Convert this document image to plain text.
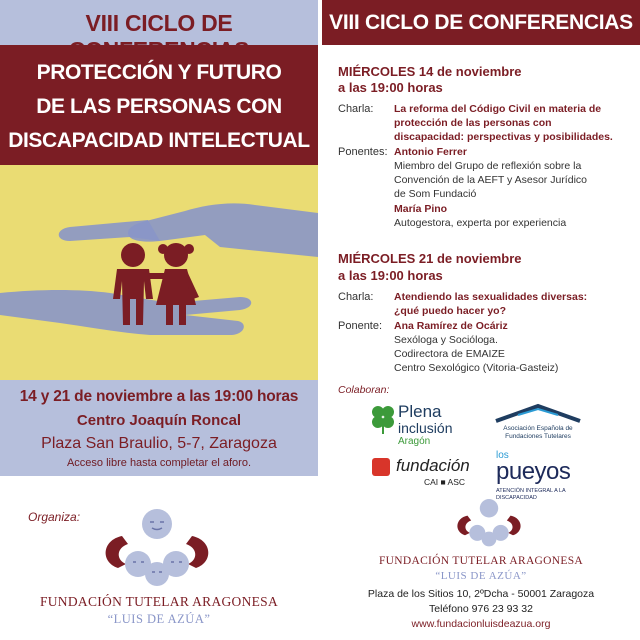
VIII CICLO DE
PROTECCIÓN Y FUTURO
DE LAS PERSONAS CON
DISCAPACIDAD INTELECTUAL
14 y 21 de noviembre a las 19:00 horas
Centro Joaquín Roncal
Plaza San Braulio, 5-7, Zaragoza
Acceso libre hasta completar el aforo.
Organiza:
FUNDACIÓN TUTELAR ARAGONESA
“LUIS DE AZÚA”
VIII CICLO DE CONFERENCIAS
MIÉRCOLES 14 de noviembre
a las 19:00 horas
Charla: La reforma del Código Civil en materia de
protección de las personas con
discapacidad: perspectivas y posibilidades.
Ponentes: Antonio Ferrer
Miembro del Grupo de reflexión sobre la
Convención de la AEFT y Asesor Jurídico
de Som Fundació
María Pino
Autogestora, experta por experiencia
MIÉRCOLES 21 de noviembre
a las 19:00 horas
Charla: Atendiendo las sexualidades diversas:
¿qué puedo hacer yo?
Ponente: Ana Ramírez de Ocáriz
Sexóloga y Socióloga.
Codirectora de EMAIZE
Centro Sexológico (Vitoria-Gasteiz)
Colaboran:
Plena
inclusión
Aragón
Asociación Española de Fundaciones Tutelares
fundación
CAI ■ ASC
los
pueyos
ATENCIÓN INTEGRAL A LA DISCAPACIDAD
FUNDACIÓN TUTELAR ARAGONESA
“LUIS DE AZÚA”
Plaza de los Sitios 10, 2ºDcha - 50001 Zaragoza
Teléfono 976 23 93 32
www.fundacionluisdeazua.org
